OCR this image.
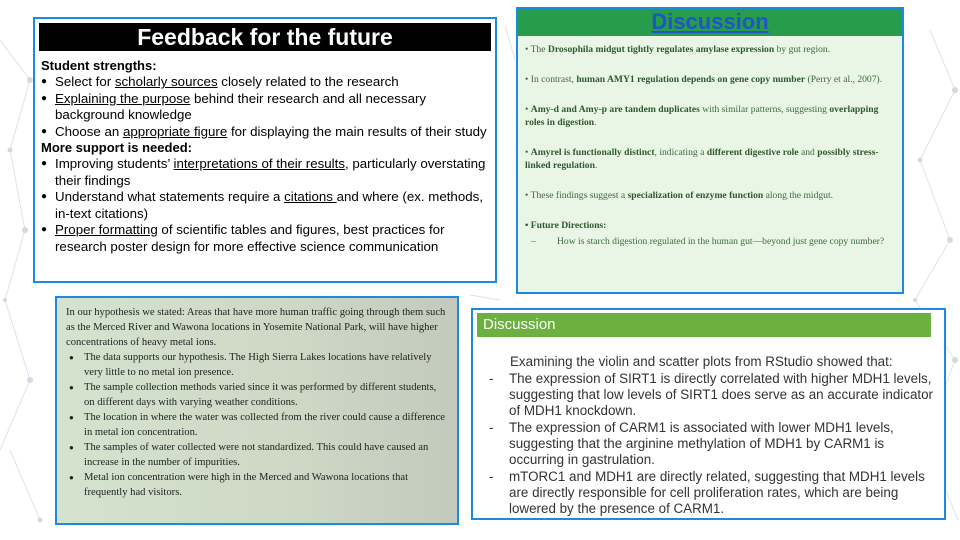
Feedback for the future
Student strengths:
● Select for scholarly sources closely related to the research
● Explaining the purpose behind their research and all necessary background knowledge
● Choose an appropriate figure for displaying the main results of their study
More support is needed:
● Improving students’ interpretations of their results, particularly overstating their findings
● Understand what statements require a citations and where (ex. methods, in-text citations)
● Proper formatting of scientific tables and figures, best practices for research poster design for more effective science communication
Discussion

• The Drosophila midgut tightly regulates amylase expression by gut region.

• In contrast, human AMY1 regulation depends on gene copy number (Perry et al., 2007).

• Amy-d and Amy-p are tandem duplicates with similar patterns, suggesting overlapping roles in digestion.

• Amyrel is functionally distinct, indicating a different digestive role and possibly stress-linked regulation.

• These findings suggest a specialization of enzyme function along the midgut.

• Future Directions:

–	How is starch digestion regulated in the human gut—beyond just gene copy number?

In our hypothesis we stated: Areas that have more human traffic going through them such as the Merced River and Wawona locations in Yosemite National Park, will have higher concentrations of heavy metal ions.

● The data supports our hypothesis. The High Sierra Lakes locations have relatively very little to no metal ion presence.
● The sample collection methods varied since it was performed by different students, on different days with varying weather conditions.
● The location in where the water was collected from the river could cause a difference in metal ion concentration.
● The samples of water collected were not standardized. This could have caused an increase in the number of impurities.
● Metal ion concentration were high in the Merced and Wawona locations that frequently had visitors.
Discussion
Examining the violin and scatter plots from RStudio showed that:
- The expression of SIRT1 is directly correlated with higher MDH1 levels, suggesting that low levels of SIRT1 does serve as an accurate indicator of MDH1 knockdown.
- The expression of CARM1 is associated with lower MDH1 levels, suggesting that the arginine methylation of MDH1 by CARM1 is occurring in gastrulation.
- mTORC1 and MDH1 are directly related, suggesting that MDH1 levels are directly responsible for cell proliferation rates, which are being lowered by the presence of CARM1.
